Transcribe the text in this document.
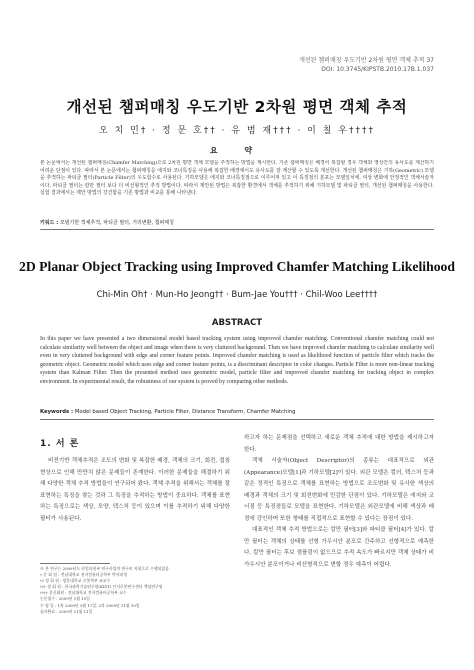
개선된 챔퍼매칭 우도기반 2차원 평면 객체 추적 37
DOI: 10.3745/KIPSTB.2010.17B.1.037
개선된 챔퍼매칭 우도기반 2차원 평면 객체 추적
오 치 민† · 정 문 호†† · 유 범 재††† · 이 칠 우††††
요 약
본 논문에서는 개선된 챔퍼매칭(Chamfer Matching)으로 2차원 평면 객체 모델을 추적하는 방법을 제시한다. 기존 챔퍼매칭은 배경이 복잡할 경우 객체와 영상간의 유사도를 계산하기 어려운 단점이 있다. 따라서 본 논문에서는 챔퍼매칭을 에지와 코너특징을 사용해 복잡한 배경에서도 유사도를 잘 계산할 수 있도록 개선한다. 개선된 챔퍼매칭은 기하(Geometric) 모델을 추적하는 파티클 필터(Particle Filter)의 우도함수로 사용된다. 기하모델은 에지와 코너특징점으로 이루어져 있고 이 특징점의 분포는 모델일치에, 여상 변화에 안정적인 객체서술자이다. 파티클 필터는 칼만 필터 보다 더 비선형적인 추적 방법이다. 따라서 제안된 방법은 복잡한 환경에서 객체를 추적하기 위해 기하모델 및 파티클 필터, 개선된 챔퍼매칭을 사용한다. 실험 결과에서는 제안 방법의 강건함을 기존 방법과 비교를 통해 나타낸다.
키워드 : 모델기반 객체추적, 파티클 필터, 거리변환, 챔퍼매칭
2D Planar Object Tracking using Improved Chamfer Matching Likelihood
Chi-Min Oh† · Mun-Ho Jeong†† · Bum-Jae You††† · Chil-Woo Lee††††
ABSTRACT
In this paper we have presented a two dimensional model based tracking system using improved chamfer matching. Conventional chamfer matching could not calculate similarity well between the object and image when there is very cluttered background. Then we have improved chamfer matching to calculate similarity well even in very cluttered background with edge and corner feature points. Improved chamfer matching is used as likelihood function of particle filter which tracks the geometric object. Geometric model which uses edge and corner feature points, is a discriminant descriptor in color changes. Particle Filter is more non-linear tracking system than Kalman Filter. Then the presented method uses geometric model, particle filter and improved chamfer matching for tracking object in complex environment. In experimental result, the robustness of our system is proved by comparing other methods.
Keywords : Model based Object Tracking, Particle Filter, Distance Transform, Chamfer Matching
1. 서 론
비전기반 객체추적은 조도의 변화 및 복잡한 배경, 객체의 크기, 회전, 겹침 현상으로 인해 만만치 않은 문제들이 존재한다. 이러한 문제들을 해결하기 위해 다양한 객체 추적 방법들이 연구되어 왔다. 객체 추적을 위해서는 객체를 잘 표현하는 특징을 찾는 것과 그 특징을 추적하는 방법이 중요하다. 객체를 표현하는 특징으로는 색상, 모양, 텍스처 등이 있으며 이를 추적하기 위해 다양한 필터가 사용된다.
※ 본 연구는 2009년도 산업자원부 연구사업의 연구비 지원으로 수행되었음.
† 준 회 원 : 전남대학교 전자컴퓨터공학부 박사과정
†† 정 회 원 : 광운대학교 로봇학부 조교수
††† 정 회 원 : 한국과학기술연구원(KIST) 인지로봇연구센터 책임연구원
†††† 종신회원 : 전남대학교 전자컴퓨터공학부 교수
논문접수 : 2009년 1월 10일
수 정 일 : 1차 2009년 3월 17일, 2차 2009년 11월 10일
심사완료 : 2009년 11월 11일

하고자 하는 문제점을 선택하고 새로운 객체 추적에 대한 방법을 제시하고자 한다.

객체 서술자(Object Descriptor)의 종류는 대표적으로 외관(Appearance)모델[1]과 기하모델[2]이 있다. 외관 모델은 컬러, 텍스처 등과 같은 정적인 특징으로 객체를 표현하는 방법으로 조도변화 및 유사한 색상의 배경과 객체의 크기 및 회전변화에 민감한 단점이 있다. 기하모델은 에지와 코너점 등 특징점들로 모델을 표현한다. 기하모델은 외관모델에 비해 색상과 배경에 강인하며 또한 형태를 직접적으로 표현할 수 있다는 장점이 있다.

대표적인 객체 추적 방법으로는 칼만 필터[3]와 파티클 필터[4]가 있다. 칼만 필터는 객체의 상태를 선형 가우시안 분포로 간주하고 선형적으로 예측한다. 칼만 필터는 후보 샘플링이 없으므로 추적 속도가 빠르지만 객체 상태가 비가우시안 분포이거나 비선형적으로 변할 경우 예측이 어렵다.
